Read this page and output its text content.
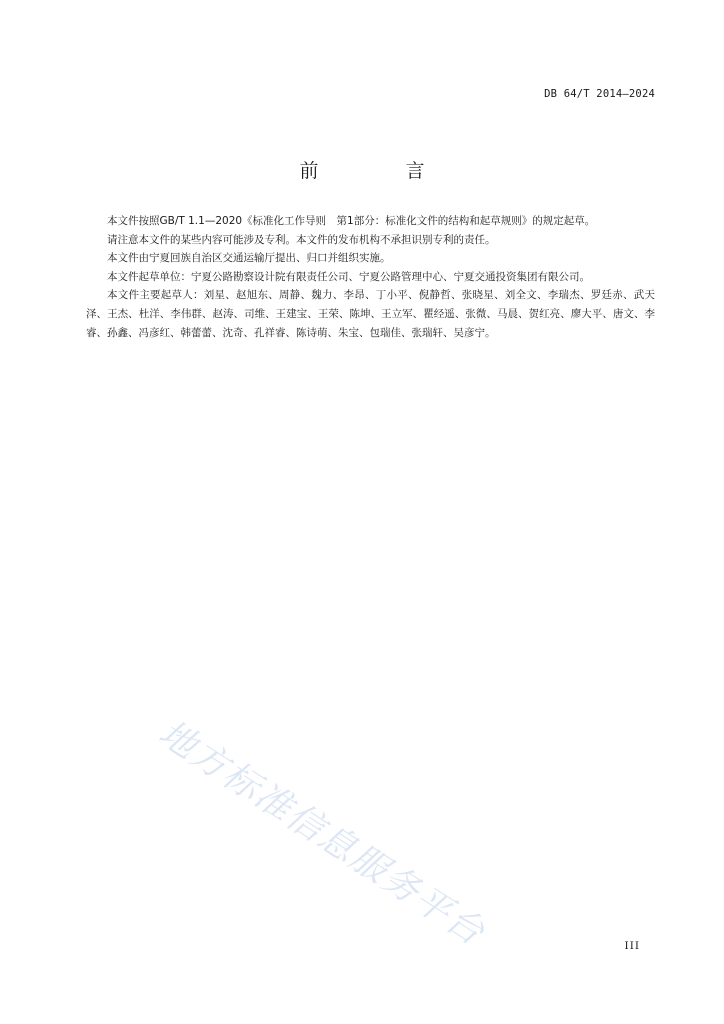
DB 64/T 2014—2024
前　言

本文件按照GB/T 1.1—2020《标准化工作导则　第1部分：标准化文件的结构和起草规则》的规定起草。

请注意本文件的某些内容可能涉及专利。本文件的发布机构不承担识别专利的责任。

本文件由宁夏回族自治区交通运输厅提出、归口并组织实施。

本文件起草单位：宁夏公路勘察设计院有限责任公司、宁夏公路管理中心、宁夏交通投资集团有限公司。

本文件主要起草人：刘星、赵旭东、周静、魏力、李昂、丁小平、倪静哲、张晓星、刘全文、李瑞杰、罗廷赤、武天泽、王杰、杜洋、李伟群、赵涛、司维、王建宝、王荣、陈坤、王立军、瞿经遥、张微、马晨、贺红亮、廖大平、唐文、李睿、孙鑫、冯彦红、韩蕾蕾、沈奇、孔祥睿、陈诗萌、朱宝、包瑞佳、张瑞轩、吴彦宁。

地方标准信息服务平台	III
